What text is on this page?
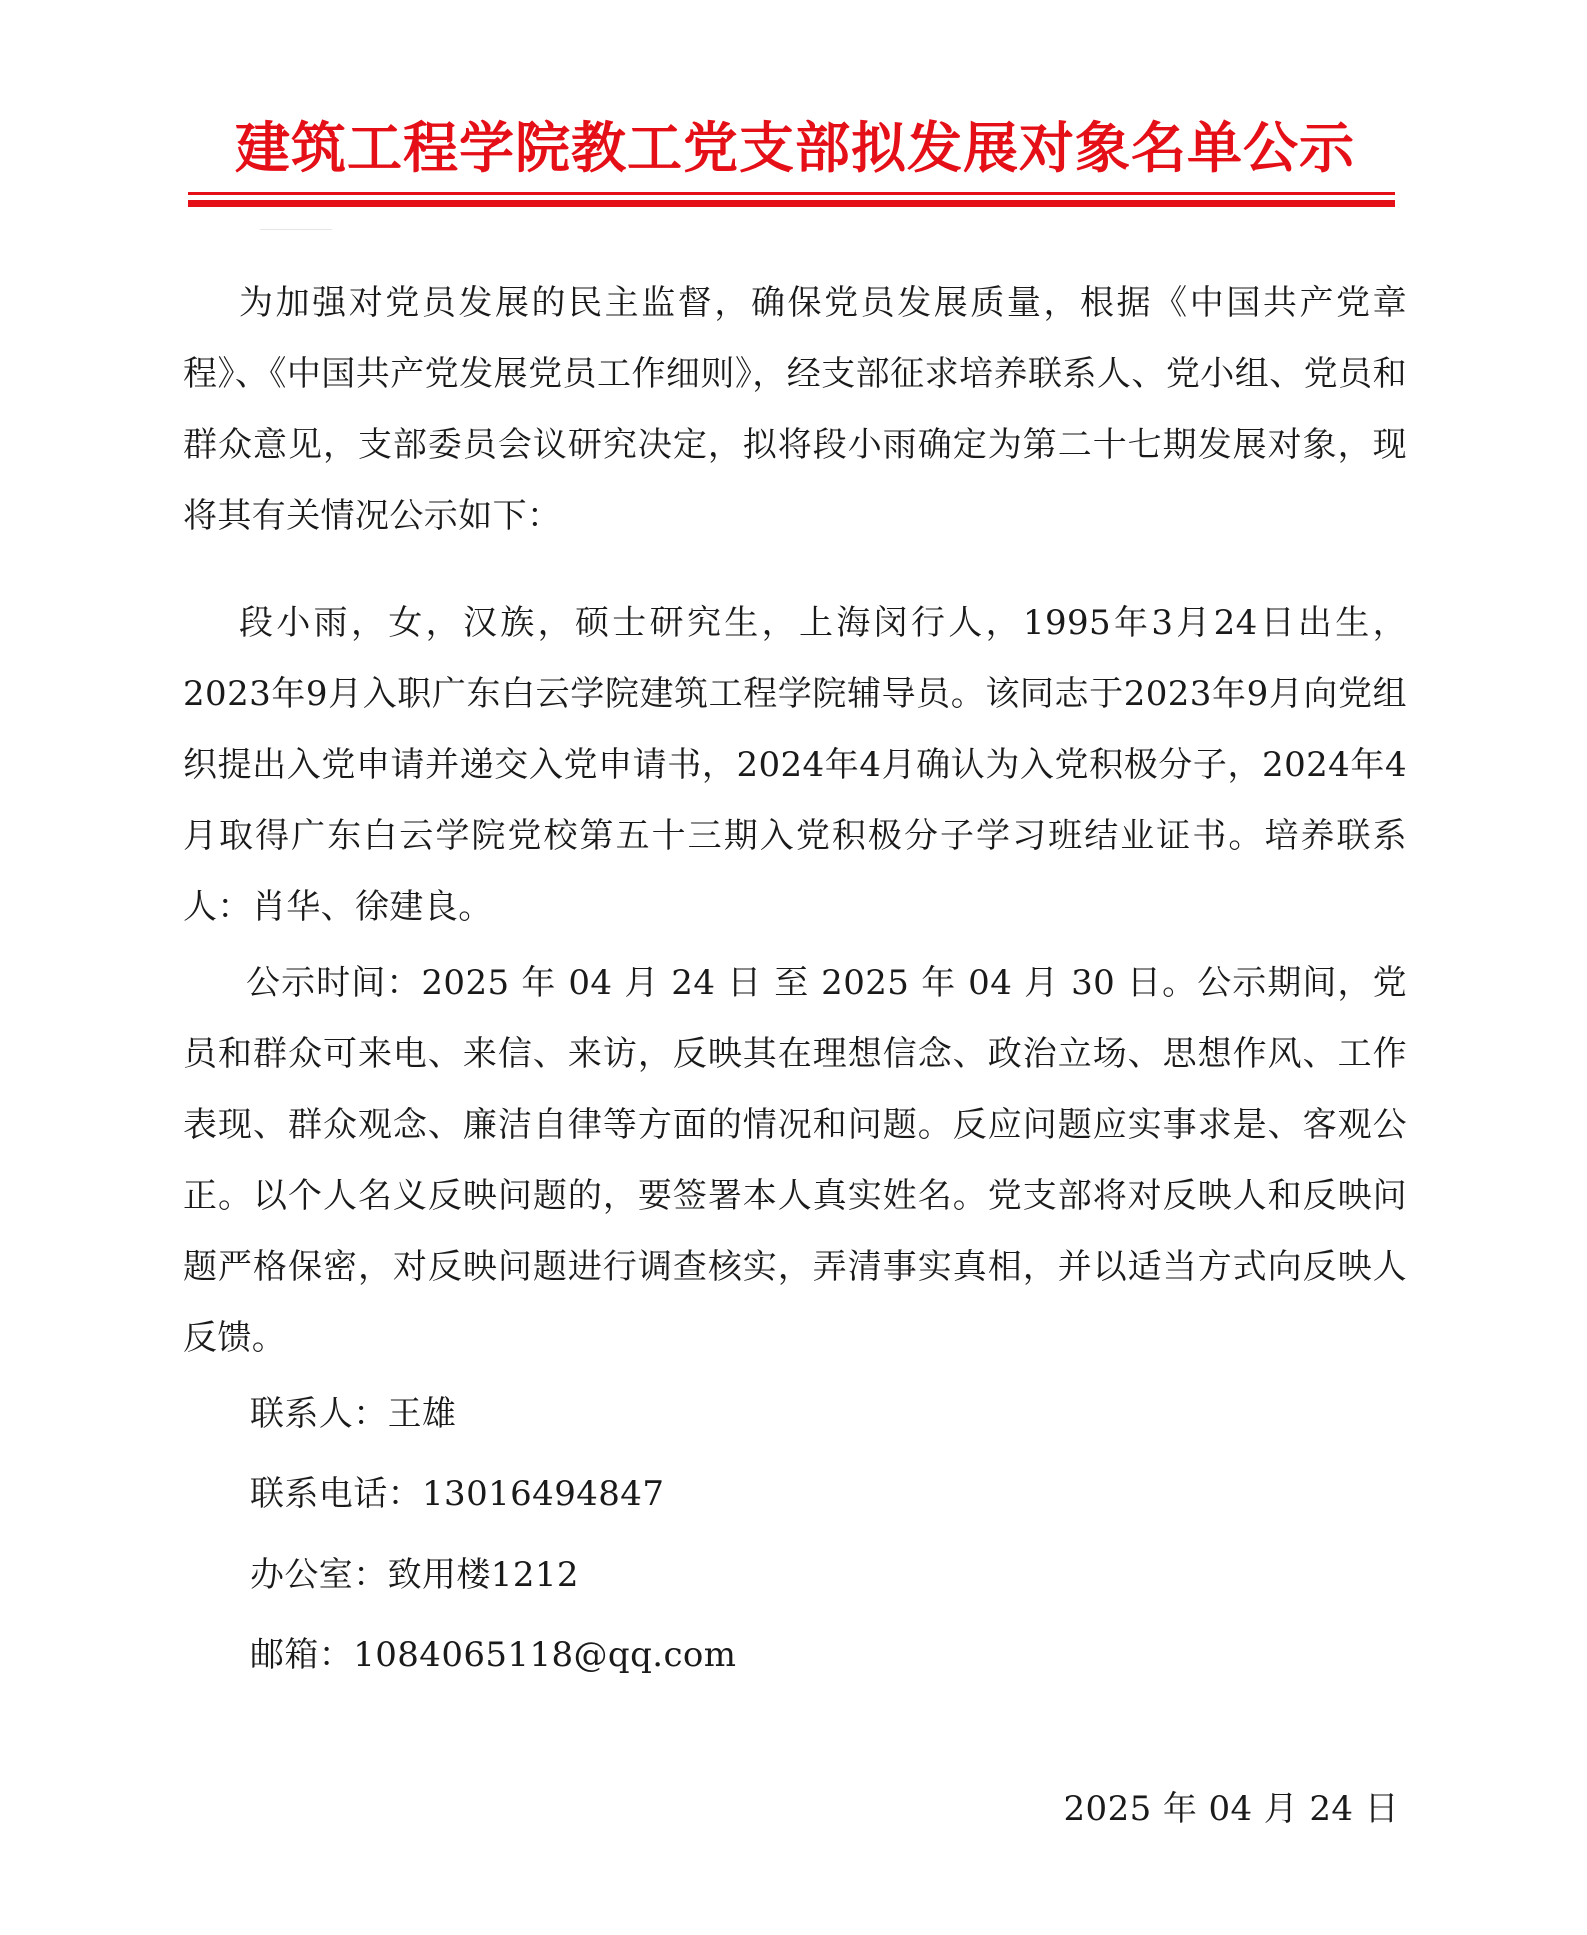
建筑工程学院教工党支部拟发展对象名单公示
为加强对党员发展的民主监督，确保党员发展质量，根据《中国共产党章程》、《中国共产党发展党员工作细则》，经支部征求培养联系人、党小组、党员和群众意见，支部委员会议研究决定，拟将段小雨确定为第二十七期发展对象，现将其有关情况公示如下：
段小雨，女，汉族，硕士研究生，上海闵行人，1995年3月24日出生，2023年9月入职广东白云学院建筑工程学院辅导员。该同志于2023年9月向党组织提出入党申请并递交入党申请书，2024年4月确认为入党积极分子，2024年4月取得广东白云学院党校第五十三期入党积极分子学习班结业证书。培养联系人：肖华、徐建良。
公示时间：2025 年 04 月 24 日 至 2025 年 04 月 30 日。公示期间，党员和群众可来电、来信、来访，反映其在理想信念、政治立场、思想作风、工作表现、群众观念、廉洁自律等方面的情况和问题。反应问题应实事求是、客观公正。以个人名义反映问题的，要签署本人真实姓名。党支部将对反映人和反映问题严格保密，对反映问题进行调查核实，弄清事实真相，并以适当方式向反映人反馈。
联系人：王雄
联系电话：13016494847
办公室：致用楼1212
邮箱：1084065118@qq.com
2025 年 04 月 24 日
